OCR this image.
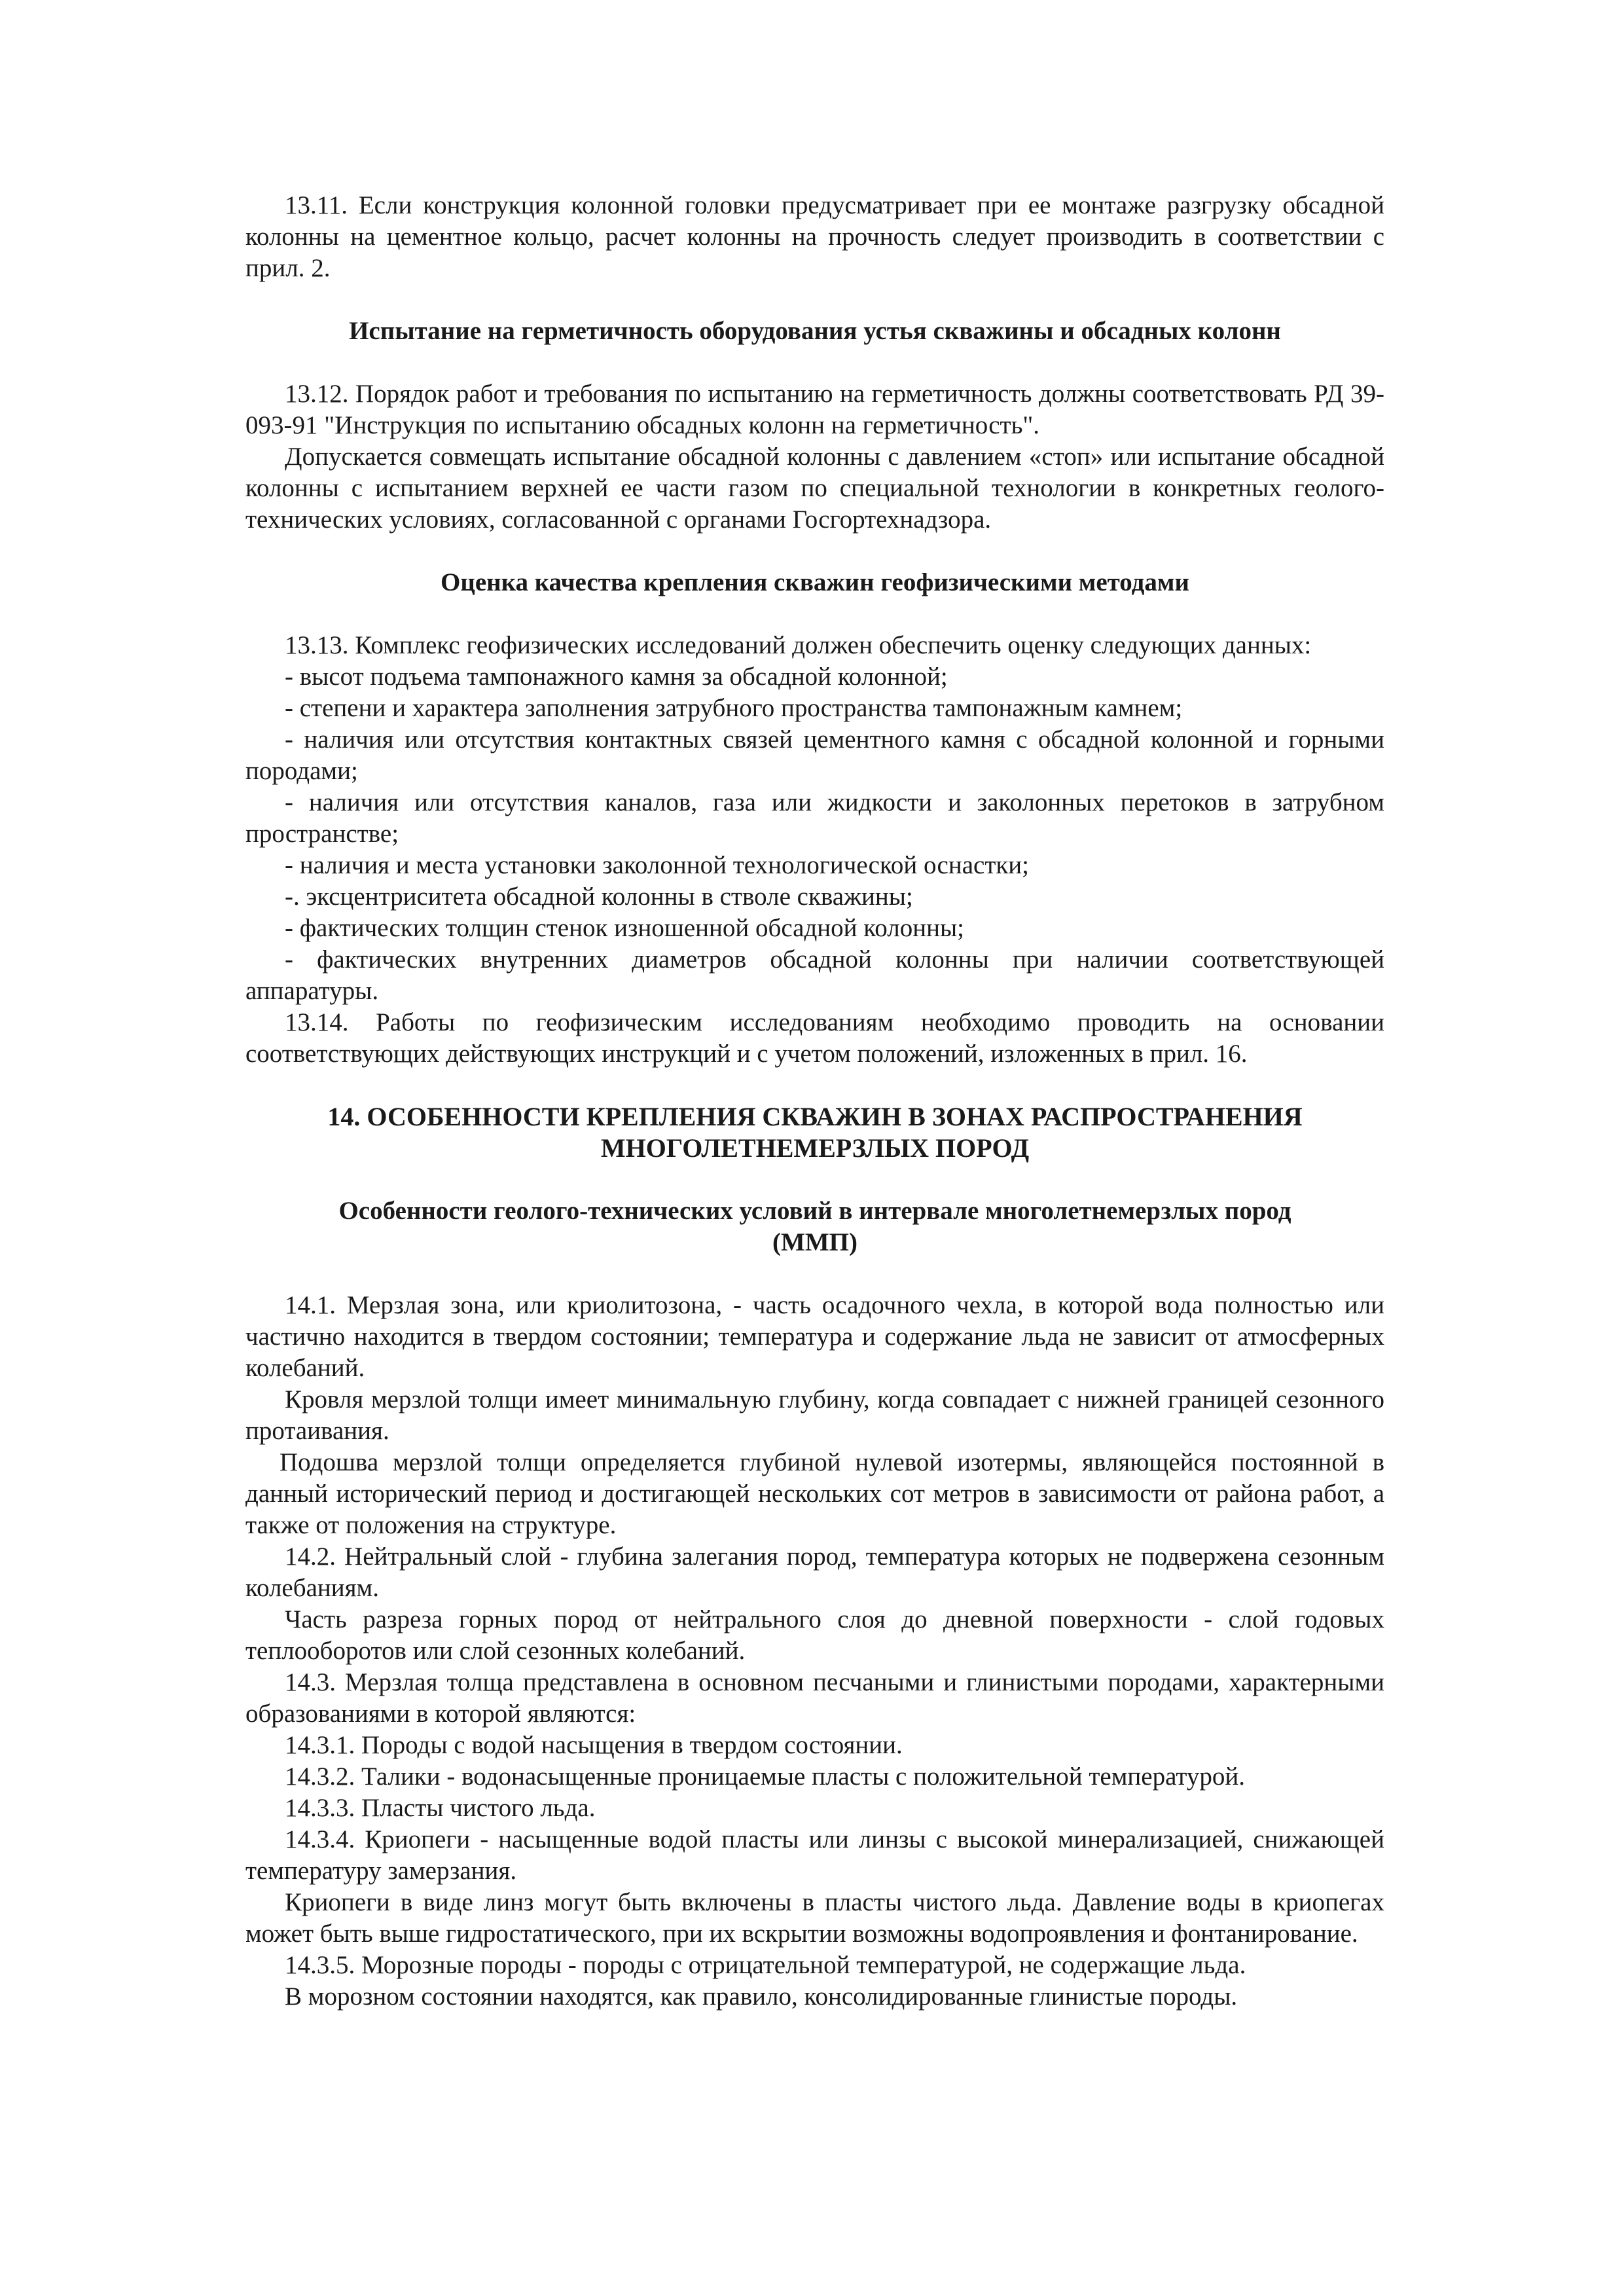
13.11. Если конструкция колонной головки предусматривает при ее монтаже разгрузку обсадной колонны на цементное кольцо, расчет колонны на прочность следует производить в соответствии с прил. 2.

Испытание на герметичность оборудования устья скважины и обсадных колонн

13.12. Порядок работ и требования по испытанию на герметичность должны соответствовать РД 39-093-91 "Инструкция по испытанию обсадных колонн на герметичность".

Допускается совмещать испытание обсадной колонны с давлением «стоп» или испытание обсадной колонны с испытанием верхней ее части газом по специальной технологии в конкретных геолого-технических условиях, согласованной с органами Госгортехнадзора.

Оценка качества крепления скважин геофизическими методами

13.13. Комплекс геофизических исследований должен обеспечить оценку следующих данных:

- высот подъема тампонажного камня за обсадной колонной;

- степени и характера заполнения затрубного пространства тампонажным камнем;

- наличия или отсутствия контактных связей цементного камня с обсадной колонной и горными породами;

- наличия или отсутствия каналов, газа или жидкости и заколонных перетоков в затрубном пространстве;

- наличия и места установки заколонной технологической оснастки;

-. эксцентриситета обсадной колонны в стволе скважины;

- фактических толщин стенок изношенной обсадной колонны;

- фактических внутренних диаметров обсадной колонны при наличии соответствующей аппаратуры.

13.14. Работы по геофизическим исследованиям необходимо проводить на основании соответствующих действующих инструкций и с учетом положений, изложенных в прил. 16.

14. ОСОБЕННОСТИ КРЕПЛЕНИЯ СКВАЖИН В ЗОНАХ РАСПРОСТРАНЕНИЯ
МНОГОЛЕТНЕМЕРЗЛЫХ ПОРОД
Особенности геолого-технических условий в интервале многолетнемерзлых пород
(ММП)

14.1. Мерзлая зона, или криолитозона, - часть осадочного чехла, в которой вода полностью или частично находится в твердом состоянии; температура и содержание льда не зависит от атмосферных колебаний.

Кровля мерзлой толщи имеет минимальную глубину, когда совпадает с нижней границей сезонного протаивания.

Подошва мерзлой толщи определяется глубиной нулевой изотермы, являющейся постоянной в данный исторический период и достигающей нескольких сот метров в зависимости от района работ, а также от положения на структуре.

14.2. Нейтральный слой - глубина залегания пород, температура которых не подвержена сезонным колебаниям.

Часть разреза горных пород от нейтрального слоя до дневной поверхности - слой годовых теплооборотов или слой сезонных колебаний.

14.3. Мерзлая толща представлена в основном песчаными и глинистыми породами, характерными образованиями в которой являются:

14.3.1. Породы с водой насыщения в твердом состоянии.

14.3.2. Талики - водонасыщенные проницаемые пласты с положительной температурой.

14.3.3. Пласты чистого льда.

14.3.4. Криопеги - насыщенные водой пласты или линзы с высокой минерализацией, снижающей температуру замерзания.

Криопеги в виде линз могут быть включены в пласты чистого льда. Давление воды в криопегах может быть выше гидростатического, при их вскрытии возможны водопроявления и фонтанирование.

14.3.5. Морозные породы - породы с отрицательной температурой, не содержащие льда.

В морозном состоянии находятся, как правило, консолидированные глинистые породы.
